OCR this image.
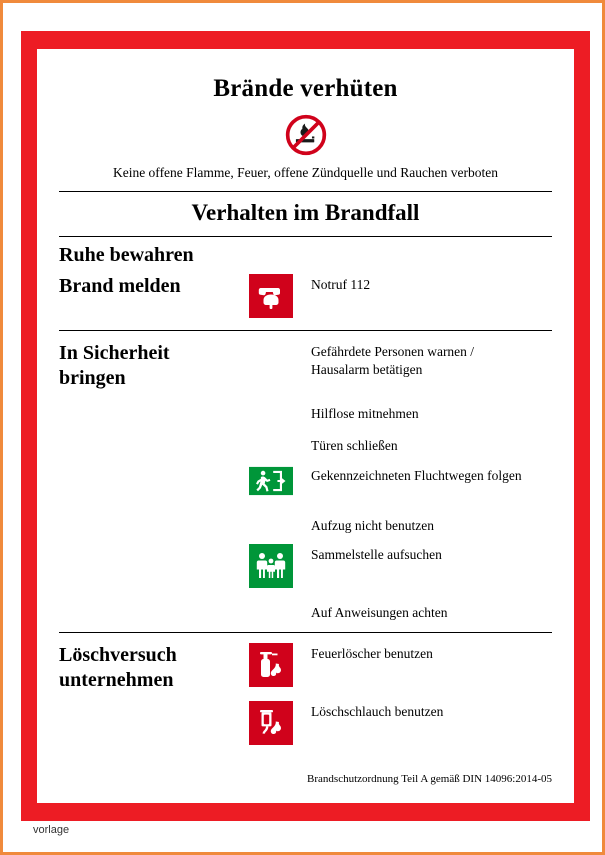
Brände verhüten
Keine offene Flamme, Feuer, offene Zündquelle und Rauchen verboten
Verhalten im Brandfall
Ruhe bewahren
Brand melden	Notruf 112
In Sicherheit
bringen
Gefährdete Personen warnen /
Hausalarm betätigen
Hilflose mitnehmen
Türen schließen
Gekennzeichneten Fluchtwegen folgen
Aufzug nicht benutzen
Sammelstelle aufsuchen
Auf Anweisungen achten
Löschversuch
unternehmen
Feuerlöscher benutzen
Löschschlauch benutzen
Brandschutzordnung Teil A gemäß DIN 14096:2014-05
vorlage
